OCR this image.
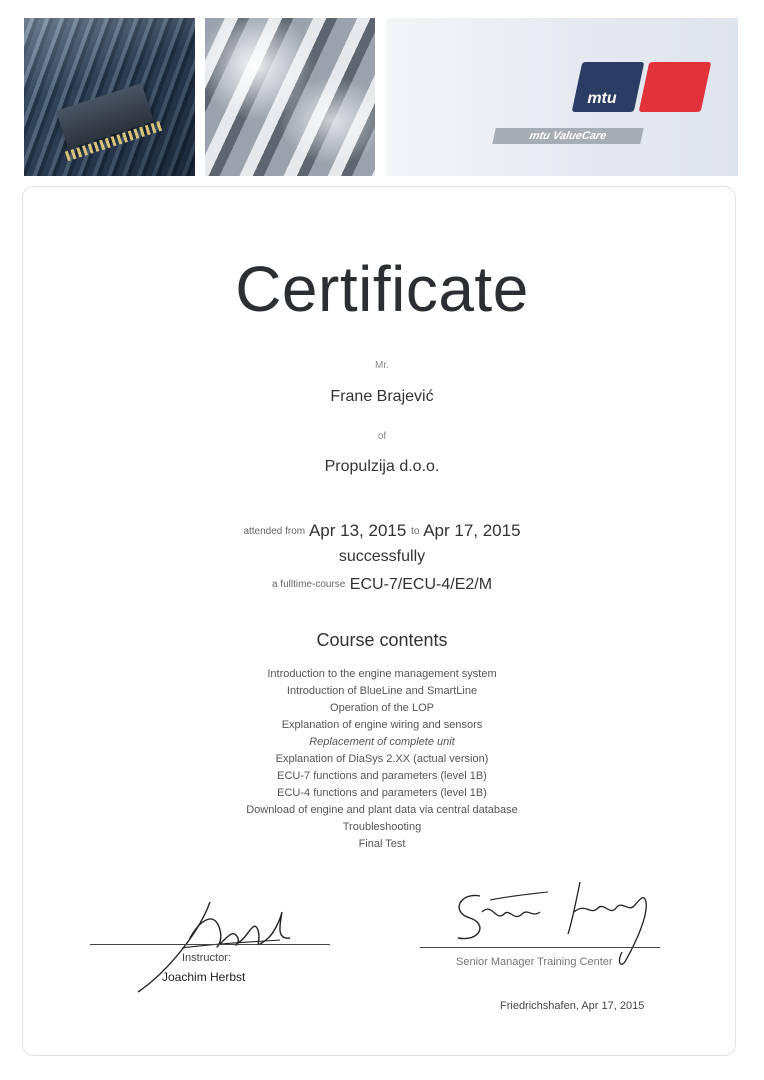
mtu
mtu ValueCare
Certificate
Mr.
Frane Brajević
of
Propulzija d.o.o.
attended from Apr 13, 2015 to Apr 17, 2015
successfully
a fulltime-course ECU-7/ECU-4/E2/M
Course contents
Introduction to the engine management system
Introduction of BlueLine and SmartLine
Operation of the LOP
Explanation of engine wiring and sensors
Replacement of complete unit
Explanation of DiaSys 2.XX (actual version)
ECU-7 functions and parameters (level 1B)
ECU-4 functions and parameters (level 1B)
Download of engine and plant data via central database
Troubleshooting
Final Test
Instructor:
Joachim Herbst
Senior Manager Training Center
Friedrichshafen, Apr 17, 2015
